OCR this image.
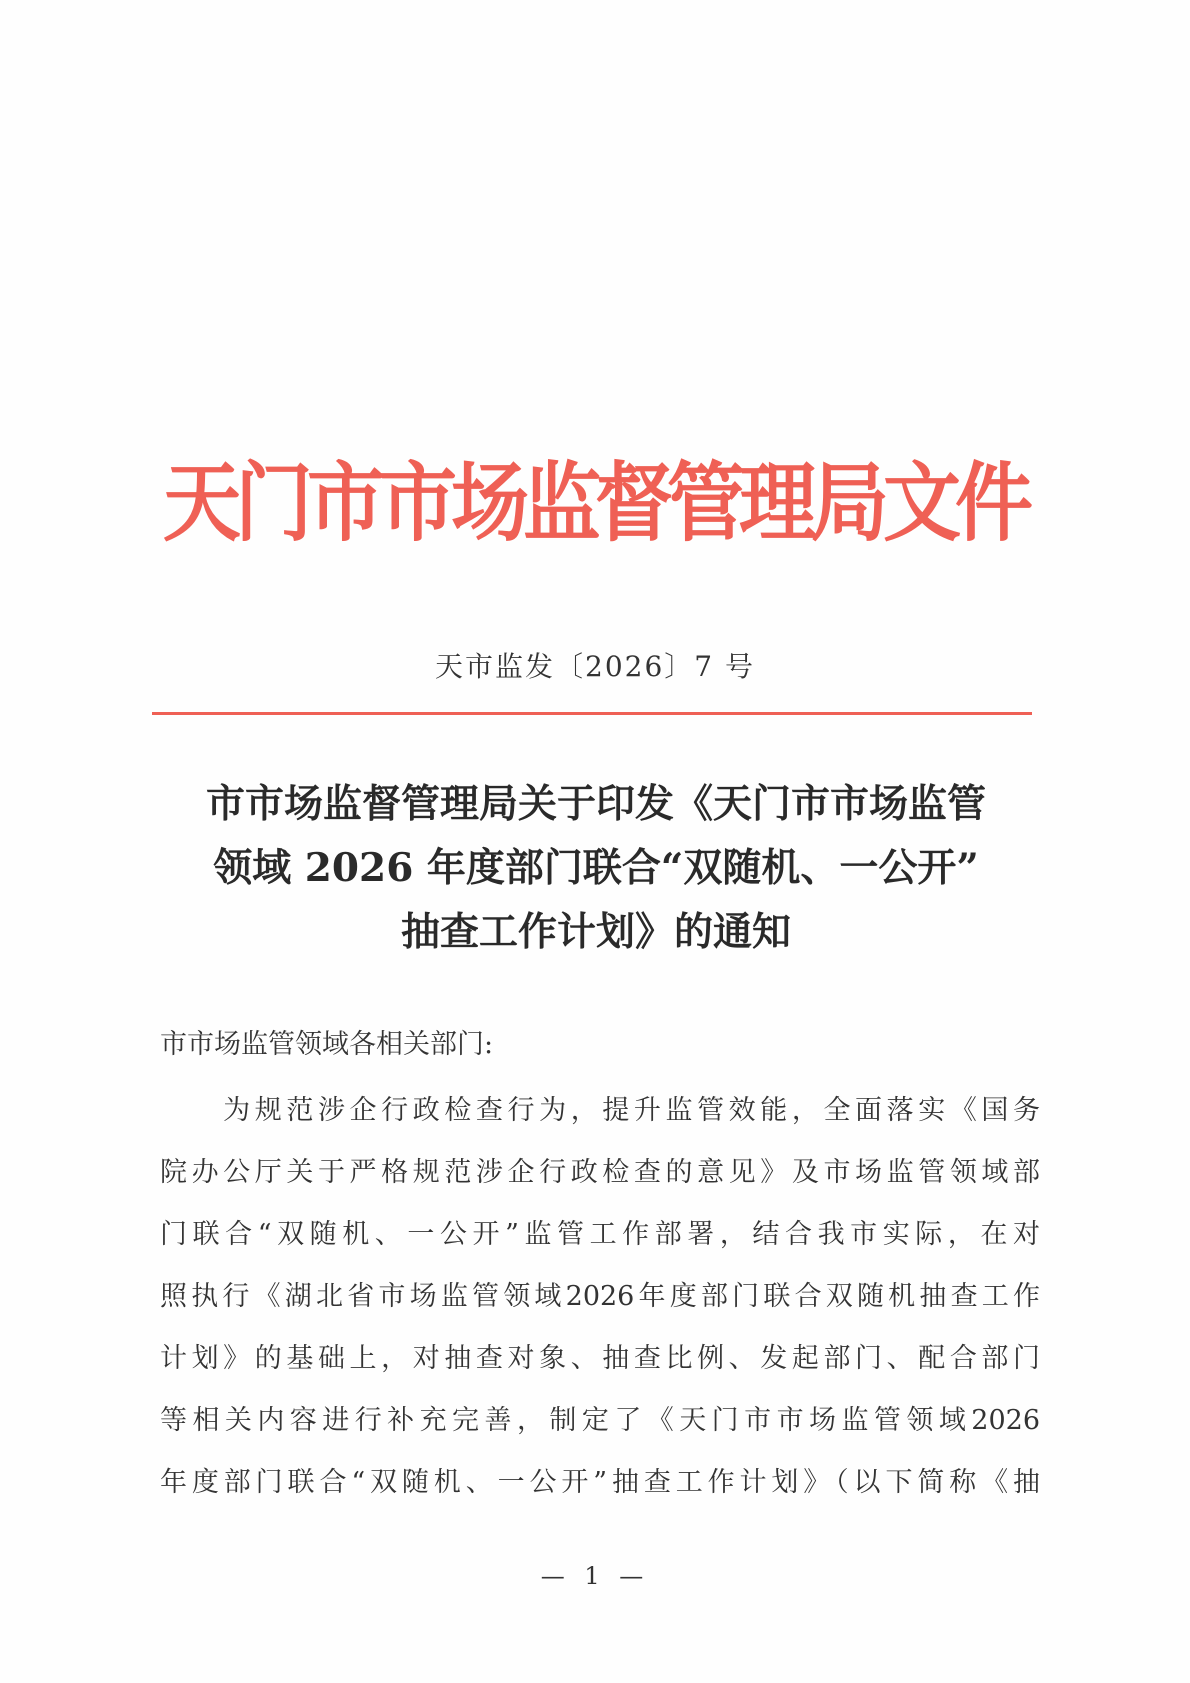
天门市市场监督管理局文件
天市监发〔2026〕7 号
市市场监督管理局关于印发《天门市市场监管
领域 2026 年度部门联合“双随机、一公开”
抽查工作计划》的通知
市市场监管领域各相关部门:
　　为规范涉企行政检查行为，提升监管效能，全面落实《国务
院办公厅关于严格规范涉企行政检查的意见》及市场监管领域部
门联合“双随机、一公开”监管工作部署，结合我市实际，在对
照执行《湖北省市场监管领域2026年度部门联合双随机抽查工作
计划》的基础上，对抽查对象、抽查比例、发起部门、配合部门
等相关内容进行补充完善，制定了《天门市市场监管领域2026
年度部门联合“双随机、一公开”抽查工作计划》（以下简称《抽
— 1 —
